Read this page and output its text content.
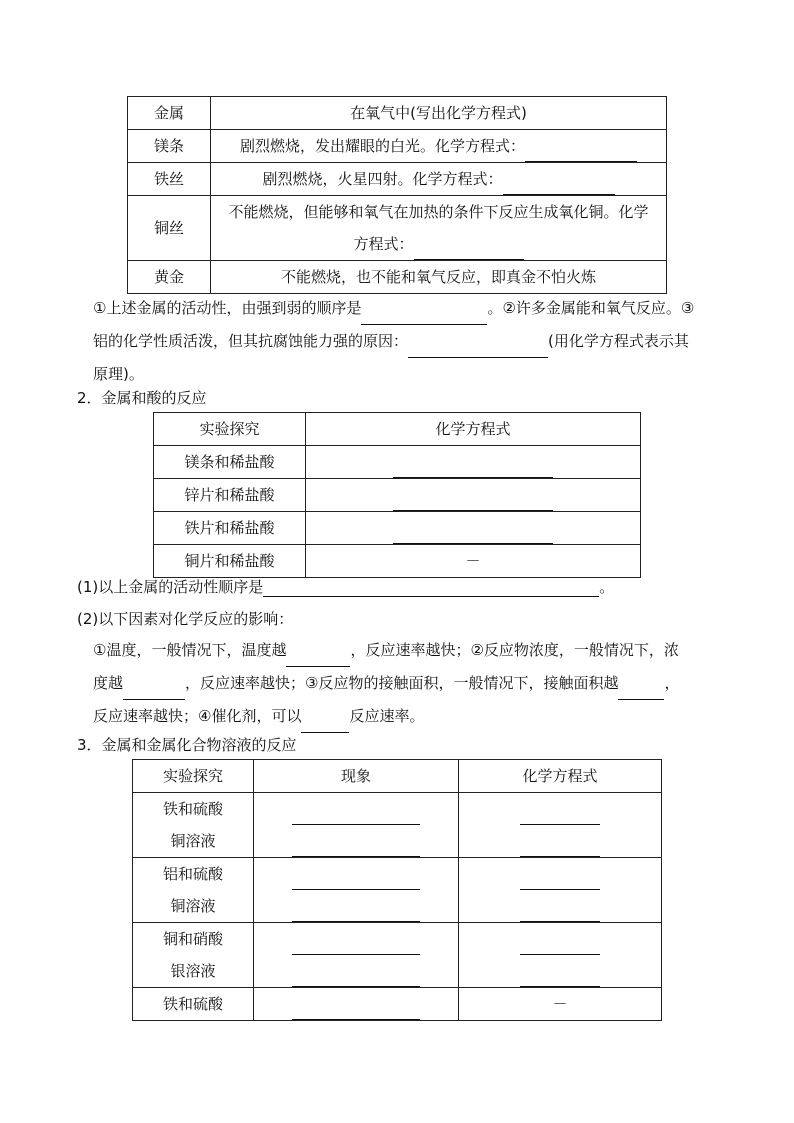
金属	在氧气中(写出化学方程式)
镁条	剧烈燃烧，发出耀眼的白光。化学方程式：
铁丝	剧烈燃烧，火星四射。化学方程式：
铜丝	不能燃烧，但能够和氧气在加热的条件下反应生成氧化铜。化学
方程式：

黄金	不能燃烧，也不能和氧气反应，即真金不怕火炼
①上述金属的活动性，由强到弱的顺序是	。②许多金属能和氧气反应。③
铝的化学性质活泼，但其抗腐蚀能力强的原因：	(用化学方程式表示其
原理)。
2．金属和酸的反应
实验探究	化学方程式
镁条和稀盐酸	
锌片和稀盐酸	
铁片和稀盐酸	
铜片和稀盐酸	－
(1)以上金属的活动性顺序是	。
(2)以下因素对化学反应的影响：
①温度，一般情况下，温度越	，反应速率越快；②反应物浓度，一般情况下，浓
度越	，反应速率越快；③反应物的接触面积，一般情况下，接触面积越	，
反应速率越快；④催化剂，可以	反应速率。
3．金属和金属化合物溶液的反应
实验探究	现象	化学方程式

铁和硫酸
铜溶液		

铝和硫酸
铜溶液		

铜和硝酸
银溶液		

铁和硫酸		－
